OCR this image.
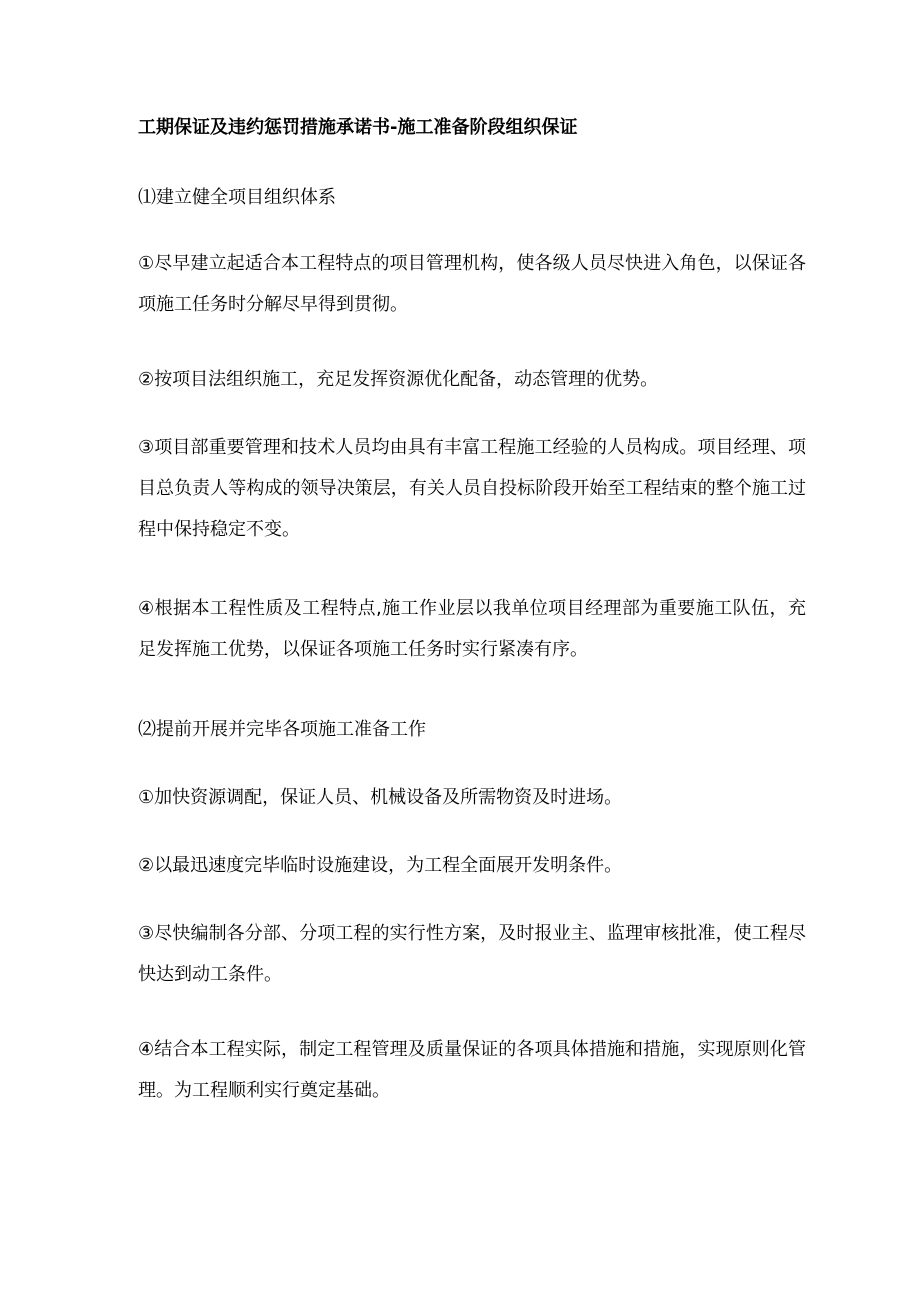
工期保证及违约惩罚措施承诺书-施工准备阶段组织保证

⑴建立健全项目组织体系

①尽早建立起适合本工程特点的项目管理机构，使各级人员尽快进入角色，以保证各项施工任务时分解尽早得到贯彻。

②按项目法组织施工，充足发挥资源优化配备，动态管理的优势。

③项目部重要管理和技术人员均由具有丰富工程施工经验的人员构成。项目经理、项目总负责人等构成的领导决策层，有关人员自投标阶段开始至工程结束的整个施工过程中保持稳定不变。

④根据本工程性质及工程特点,施工作业层以我单位项目经理部为重要施工队伍，充足发挥施工优势，以保证各项施工任务时实行紧凑有序。

⑵提前开展并完毕各项施工准备工作

①加快资源调配，保证人员、机械设备及所需物资及时进场。

②以最迅速度完毕临时设施建设，为工程全面展开发明条件。

③尽快编制各分部、分项工程的实行性方案，及时报业主、监理审核批准，使工程尽快达到动工条件。

④结合本工程实际，制定工程管理及质量保证的各项具体措施和措施，实现原则化管理。为工程顺利实行奠定基础。
